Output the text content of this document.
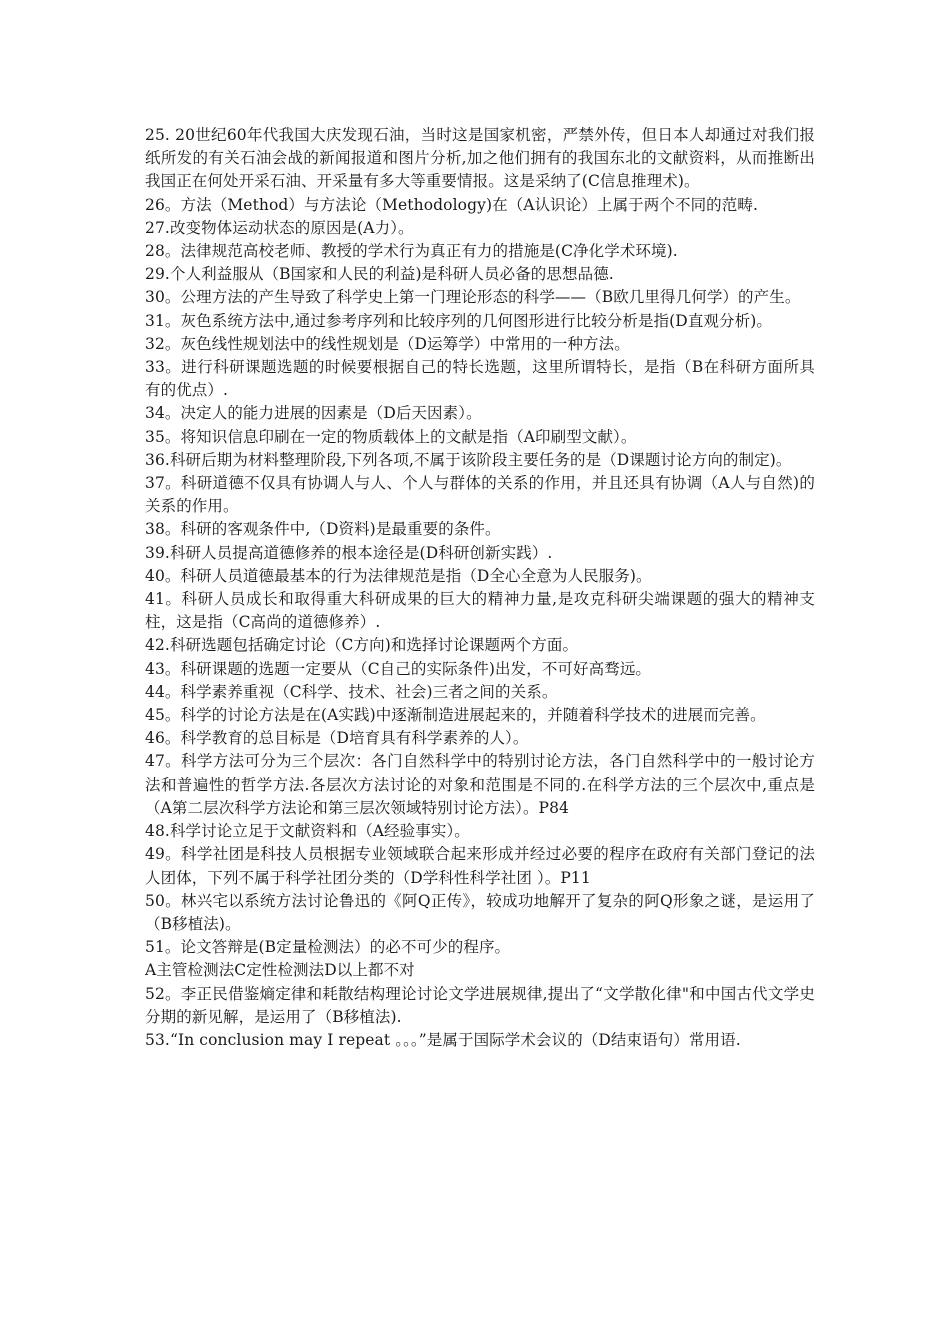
25. 20世纪60年代我国大庆发现石油，当时这是国家机密，严禁外传，但日本人却通过对我们报纸所发的有关石油会战的新闻报道和图片分析,加之他们拥有的我国东北的文献资料，从而推断出我国正在何处开采石油、开采量有多大等重要情报。这是采纳了(C信息推理术)。

26。方法（Method）与方法论（Methodology)在（A认识论）上属于两个不同的范畴.

27.改变物体运动状态的原因是(A力）。

28。法律规范高校老师、教授的学术行为真正有力的措施是(C净化学术环境).

29.个人利益服从（B国家和人民的利益)是科研人员必备的思想品德.

30。公理方法的产生导致了科学史上第一门理论形态的科学——（B欧几里得几何学）的产生。

31。灰色系统方法中,通过参考序列和比较序列的几何图形进行比较分析是指(D直观分析)。

32。灰色线性规划法中的线性规划是（D运筹学）中常用的一种方法。

33。进行科研课题选题的时候要根据自己的特长选题，这里所谓特长，是指（B在科研方面所具有的优点）.

34。决定人的能力进展的因素是（D后天因素）。

35。将知识信息印刷在一定的物质载体上的文献是指（A印刷型文献）。

36.科研后期为材料整理阶段,下列各项,不属于该阶段主要任务的是（D课题讨论方向的制定)。

37。科研道德不仅具有协调人与人、个人与群体的关系的作用，并且还具有协调（A人与自然)的关系的作用。

38。科研的客观条件中,（D资料)是最重要的条件。

39.科研人员提高道德修养的根本途径是(D科研创新实践）.

40。科研人员道德最基本的行为法律规范是指（D全心全意为人民服务)。

41。科研人员成长和取得重大科研成果的巨大的精神力量,是攻克科研尖端课题的强大的精神支柱，这是指（C高尚的道德修养）.

42.科研选题包括确定讨论（C方向)和选择讨论课题两个方面。

43。科研课题的选题一定要从（C自己的实际条件)出发，不可好高骛远。

44。科学素养重视（C科学、技术、社会)三者之间的关系。

45。科学的讨论方法是在(A实践)中逐渐制造进展起来的，并随着科学技术的进展而完善。

46。科学教育的总目标是（D培育具有科学素养的人）。

47。科学方法可分为三个层次：各门自然科学中的特别讨论方法，各门自然科学中的一般讨论方法和普遍性的哲学方法.各层次方法讨论的对象和范围是不同的.在科学方法的三个层次中,重点是（A第二层次科学方法论和第三层次领域特别讨论方法）。P84

48.科学讨论立足于文献资料和（A经验事实）。

49。科学社团是科技人员根据专业领域联合起来形成并经过必要的程序在政府有关部门登记的法人团体，下列不属于科学社团分类的（D学科性科学社团 ）。P11

50。林兴宅以系统方法讨论鲁迅的《阿Q正传》，较成功地解开了复杂的阿Q形象之谜，是运用了（B移植法)。

51。论文答辩是(B定量检测法）的必不可少的程序。

A主管检测法C定性检测法D以上都不对

52。李正民借鉴熵定律和耗散结构理论讨论文学进展规律,提出了“文学散化律"和中国古代文学史分期的新见解，是运用了（B移植法).

53.“In conclusion may I repeat 。。。”是属于国际学术会议的（D结束语句）常用语.
